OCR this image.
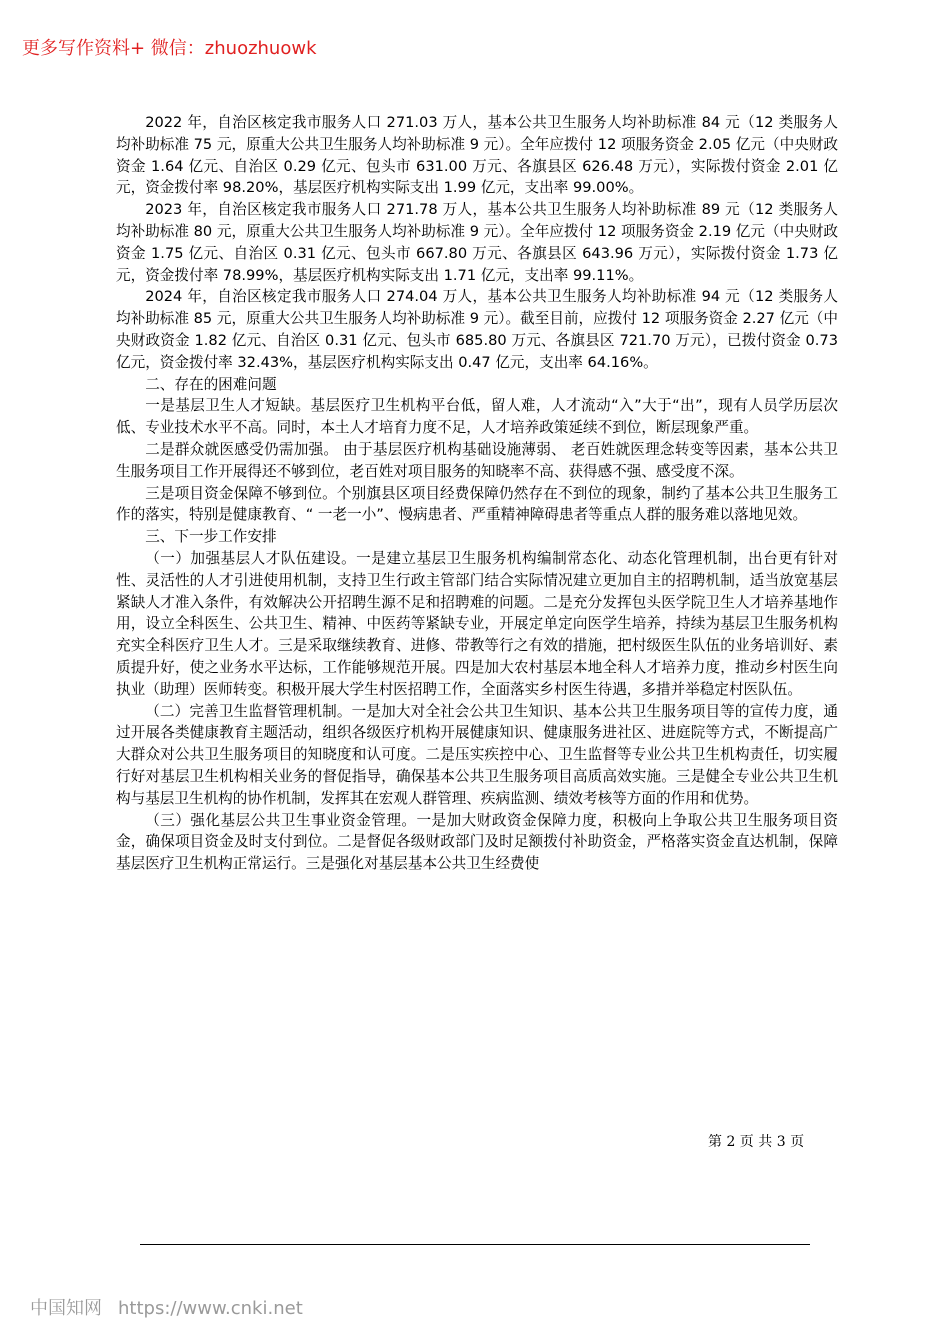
更多写作资料+ 微信：zhuozhuowk

2022 年，自治区核定我市服务人口 271.03 万人，基本公共卫生服务人均补助标准 84 元（12 类服务人均补助标准 75 元，原重大公共卫生服务人均补助标准 9 元）。全年应拨付 12 项服务资金 2.05 亿元（中央财政资金 1.64 亿元、自治区 0.29 亿元、包头市 631.00 万元、各旗县区 626.48 万元），实际拨付资金 2.01 亿元，资金拨付率 98.20%，基层医疗机构实际支出 1.99 亿元，支出率 99.00%。

2023 年，自治区核定我市服务人口 271.78 万人，基本公共卫生服务人均补助标准 89 元（12 类服务人均补助标准 80 元，原重大公共卫生服务人均补助标准 9 元）。全年应拨付 12 项服务资金 2.19 亿元（中央财政资金 1.75 亿元、自治区 0.31 亿元、包头市 667.80 万元、各旗县区 643.96 万元），实际拨付资金 1.73 亿元，资金拨付率 78.99%，基层医疗机构实际支出 1.71 亿元，支出率 99.11%。

2024 年，自治区核定我市服务人口 274.04 万人，基本公共卫生服务人均补助标准 94 元（12 类服务人均补助标准 85 元，原重大公共卫生服务人均补助标准 9 元）。截至目前，应拨付 12 项服务资金 2.27 亿元（中央财政资金 1.82 亿元、自治区 0.31 亿元、包头市 685.80 万元、各旗县区 721.70 万元），已拨付资金 0.73 亿元，资金拨付率 32.43%，基层医疗机构实际支出 0.47 亿元，支出率 64.16%。

二、存在的困难问题

一是基层卫生人才短缺。基层医疗卫生机构平台低，留人难，人才流动“入”大于“出”，现有人员学历层次低、专业技术水平不高。同时，本土人才培育力度不足，人才培养政策延续不到位，断层现象严重。

二是群众就医感受仍需加强。 由于基层医疗机构基础设施薄弱、 老百姓就医理念转变等因素，基本公共卫生服务项目工作开展得还不够到位，老百姓对项目服务的知晓率不高、获得感不强、感受度不深。

三是项目资金保障不够到位。个别旗县区项目经费保障仍然存在不到位的现象，制约了基本公共卫生服务工作的落实，特别是健康教育、“ 一老一小”、慢病患者、严重精神障碍患者等重点人群的服务难以落地见效。

三、下一步工作安排

（一）加强基层人才队伍建设。一是建立基层卫生服务机构编制常态化、动态化管理机制，出台更有针对性、灵活性的人才引进使用机制，支持卫生行政主管部门结合实际情况建立更加自主的招聘机制，适当放宽基层紧缺人才准入条件，有效解决公开招聘生源不足和招聘难的问题。二是充分发挥包头医学院卫生人才培养基地作用，设立全科医生、公共卫生、精神、中医药等紧缺专业，开展定单定向医学生培养，持续为基层卫生服务机构充实全科医疗卫生人才。三是采取继续教育、进修、带教等行之有效的措施，把村级医生队伍的业务培训好、素质提升好，使之业务水平达标，工作能够规范开展。四是加大农村基层本地全科人才培养力度，推动乡村医生向执业（助理）医师转变。积极开展大学生村医招聘工作，全面落实乡村医生待遇，多措并举稳定村医队伍。

（二）完善卫生监督管理机制。一是加大对全社会公共卫生知识、基本公共卫生服务项目等的宣传力度，通过开展各类健康教育主题活动，组织各级医疗机构开展健康知识、健康服务进社区、进庭院等方式，不断提高广大群众对公共卫生服务项目的知晓度和认可度。二是压实疾控中心、卫生监督等专业公共卫生机构责任，切实履行好对基层卫生机构相关业务的督促指导，确保基本公共卫生服务项目高质高效实施。三是健全专业公共卫生机构与基层卫生机构的协作机制，发挥其在宏观人群管理、疾病监测、绩效考核等方面的作用和优势。

（三）强化基层公共卫生事业资金管理。一是加大财政资金保障力度，积极向上争取公共卫生服务项目资金，确保项目资金及时支付到位。二是督促各级财政部门及时足额拨付补助资金，严格落实资金直达机制，保障基层医疗卫生机构正常运行。三是强化对基层基本公共卫生经费使

第 2 页 共 3 页
中国知网 https://www.cnki.net
